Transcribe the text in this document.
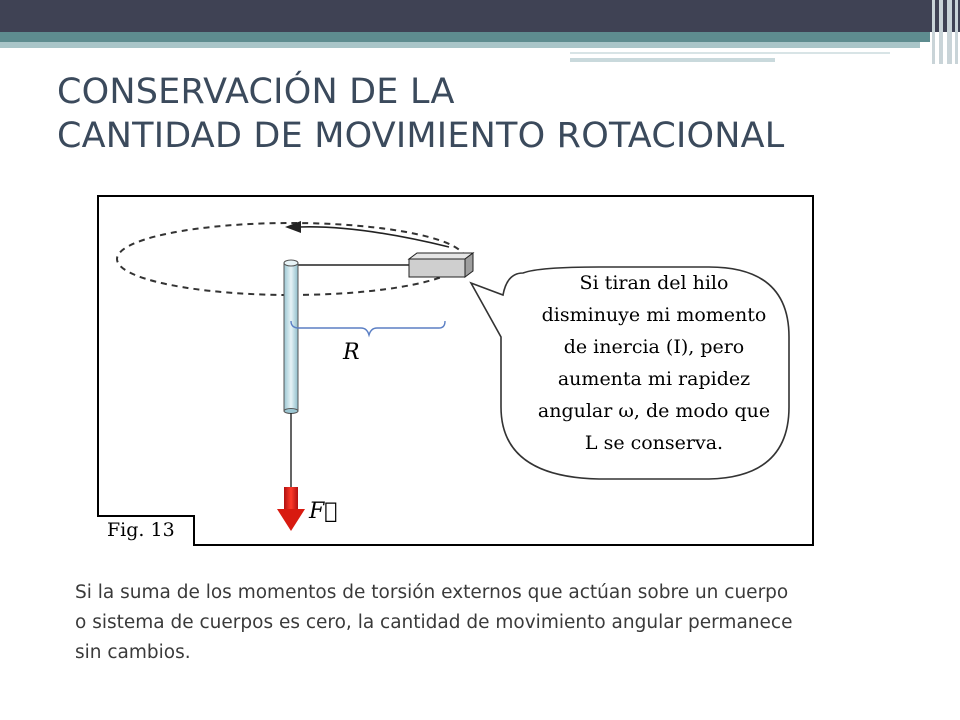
CONSERVACIÓN DE LA
CANTIDAD DE MOVIMIENTO ROTACIONAL
R
F⃗
Si tiran del hilo
disminuye mi momento
de inercia (I), pero
aumenta mi rapidez
angular ω, de modo que
L se conserva.
Fig. 13
Si la suma de los momentos de torsión externos que actúan sobre un cuerpo
o sistema de cuerpos es cero, la cantidad de movimiento angular permanece
sin cambios.
